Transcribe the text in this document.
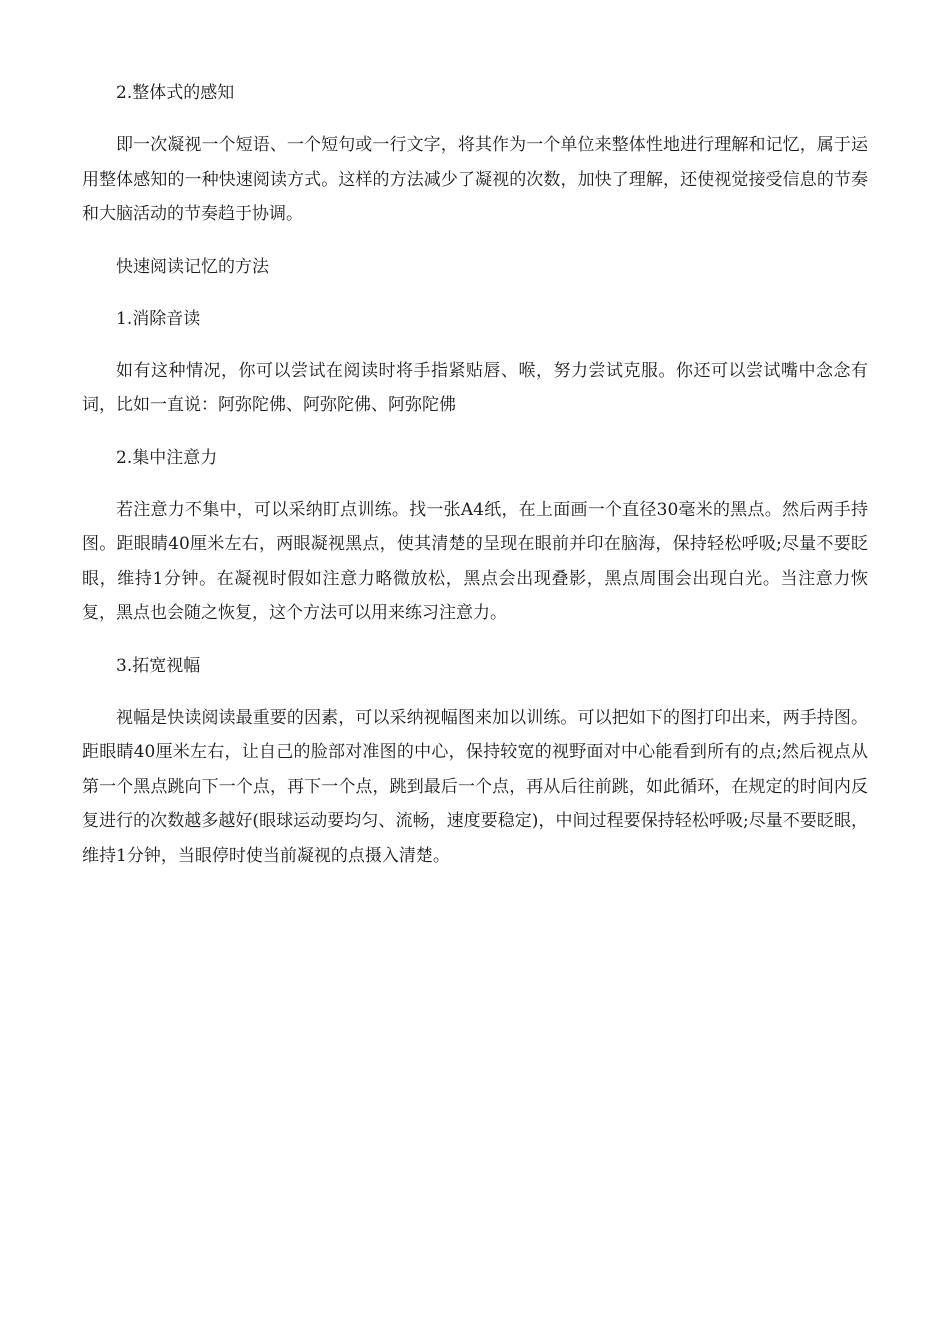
2.整体式的感知
即一次凝视一个短语、一个短句或一行文字，将其作为一个单位来整体性地进行理解和记忆，属于运用整体感知的一种快速阅读方式。这样的方法减少了凝视的次数，加快了理解，还使视觉接受信息的节奏和大脑活动的节奏趋于协调。
快速阅读记忆的方法
1.消除音读
如有这种情况，你可以尝试在阅读时将手指紧贴唇、喉，努力尝试克服。你还可以尝试嘴中念念有词，比如一直说：阿弥陀佛、阿弥陀佛、阿弥陀佛
2.集中注意力
若注意力不集中，可以采纳盯点训练。找一张A4纸，在上面画一个直径30毫米的黑点。然后两手持图。距眼睛40厘米左右，两眼凝视黑点，使其清楚的呈现在眼前并印在脑海，保持轻松呼吸;尽量不要眨眼，维持1分钟。在凝视时假如注意力略微放松，黑点会出现叠影，黑点周围会出现白光。当注意力恢复，黑点也会随之恢复，这个方法可以用来练习注意力。
3.拓宽视幅
视幅是快读阅读最重要的因素，可以采纳视幅图来加以训练。可以把如下的图打印出来，两手持图。距眼睛40厘米左右，让自己的脸部对准图的中心，保持较宽的视野面对中心能看到所有的点;然后视点从第一个黑点跳向下一个点，再下一个点，跳到最后一个点，再从后往前跳，如此循环，在规定的时间内反复进行的次数越多越好(眼球运动要均匀、流畅，速度要稳定)，中间过程要保持轻松呼吸;尽量不要眨眼，维持1分钟，当眼停时使当前凝视的点摄入清楚。
